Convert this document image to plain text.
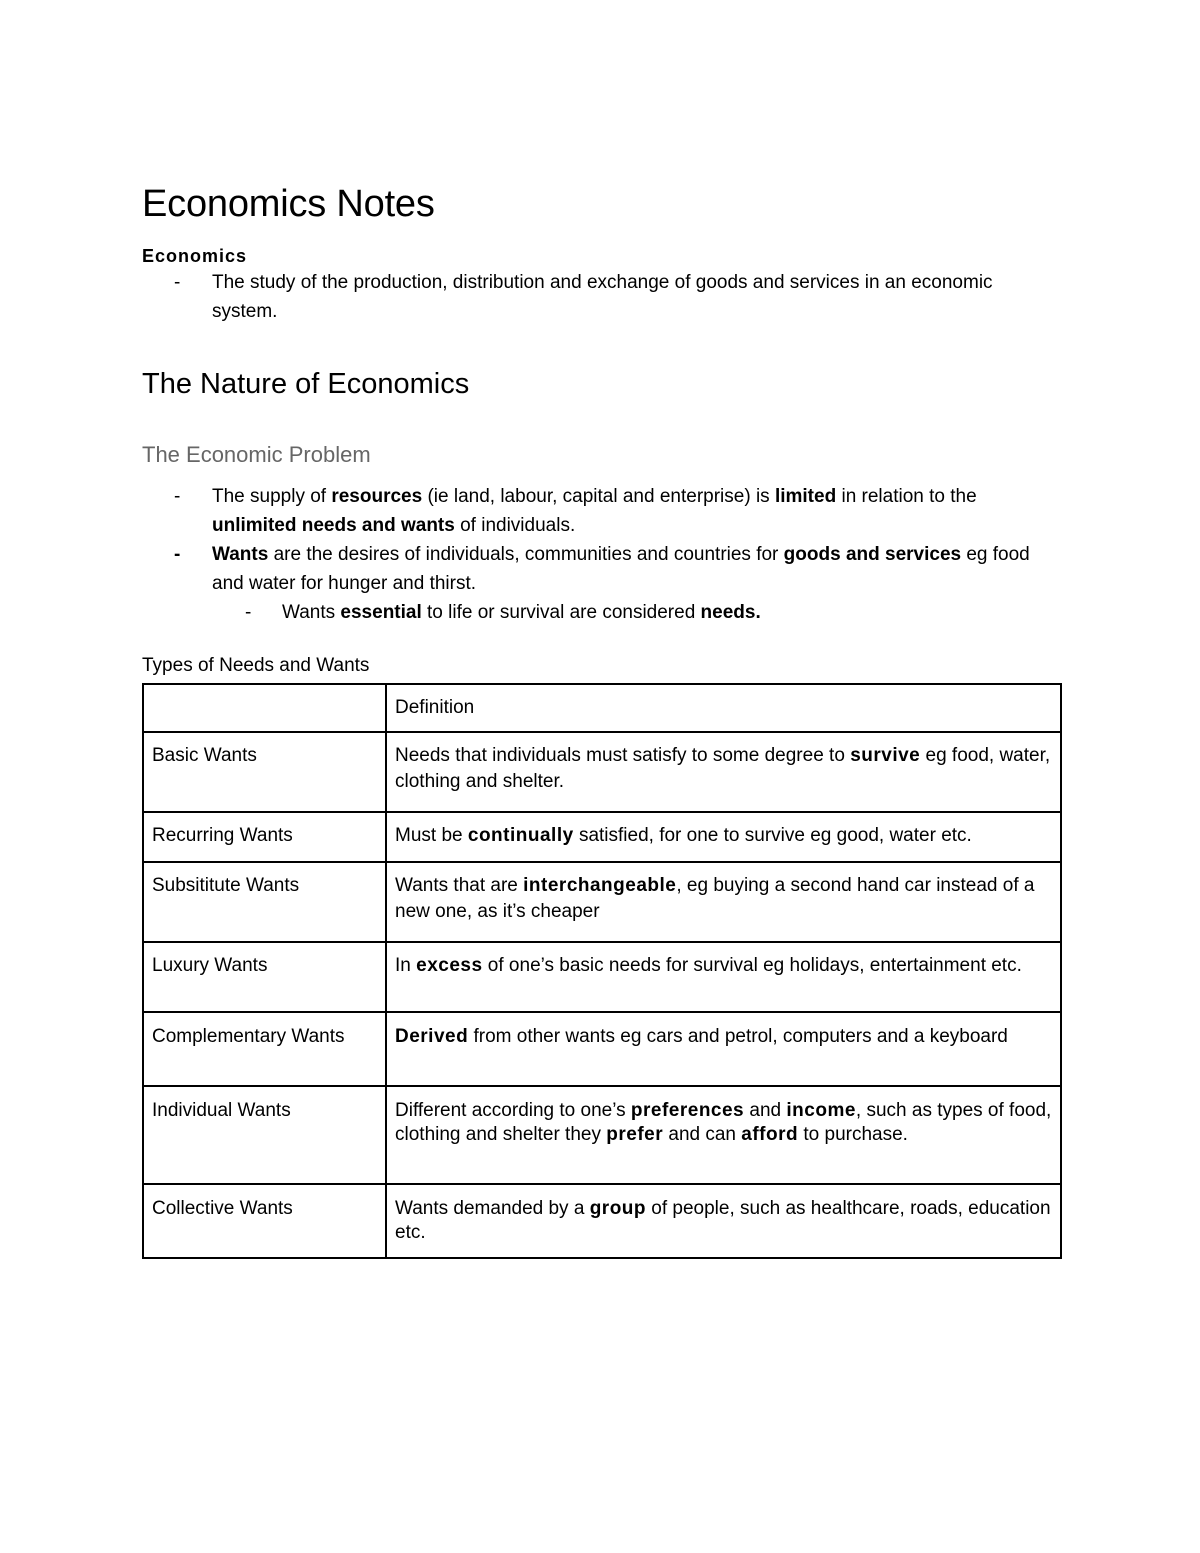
Economics Notes
Economics
- The study of the production, distribution and exchange of goods and services in an economic system.
The Nature of Economics
The Economic Problem
- The supply of resources (ie land, labour, capital and enterprise) is limited in relation to the unlimited needs and wants of individuals.
- Wants are the desires of individuals, communities and countries for goods and services eg food and water for hunger and thirst.
- Wants essential to life or survival are considered needs.
Types of Needs and Wants
	Definition
Basic Wants	Needs that individuals must satisfy to some degree to survive eg food, water, clothing and shelter.
Recurring Wants	Must be continually satisfied, for one to survive eg good, water etc.
Subsititute Wants	Wants that are interchangeable, eg buying a second hand car instead of a new one, as it’s cheaper
Luxury Wants	In excess of one’s basic needs for survival eg holidays, entertainment etc.
Complementary Wants	Derived from other wants eg cars and petrol, computers and a keyboard
Individual Wants	Different according to one’s preferences and income, such as types of food, clothing and shelter they prefer and can afford to purchase.
Collective Wants	Wants demanded by a group of people, such as healthcare, roads, education etc.
